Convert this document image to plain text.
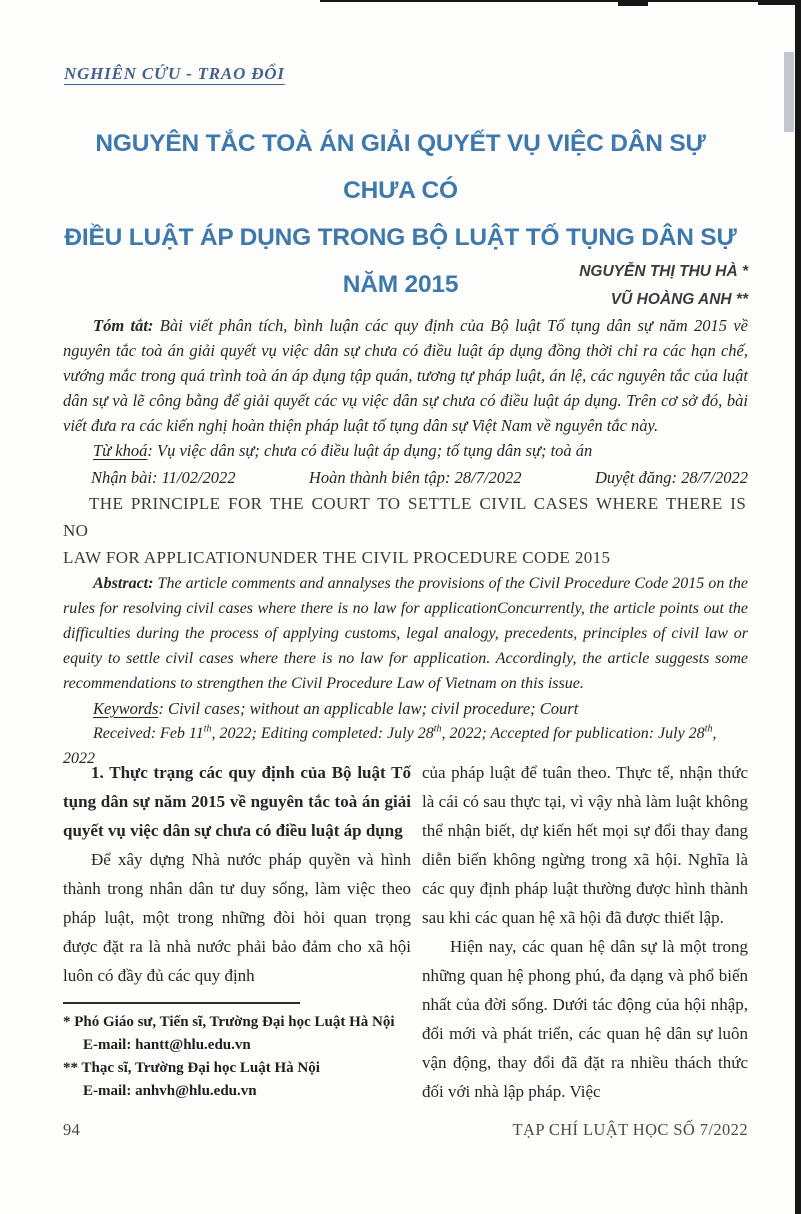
NGHIÊN CỨU - TRAO ĐỔI
NGUYÊN TẮC TOÀ ÁN GIẢI QUYẾT VỤ VIỆC DÂN SỰ CHƯA CÓ
ĐIỀU LUẬT ÁP DỤNG TRONG BỘ LUẬT TỐ TỤNG DÂN SỰ NĂM 2015	NGUYỄN THỊ THU HÀ *
VŨ HOÀNG ANH **

Tóm tắt: Bài viết phân tích, bình luận các quy định của Bộ luật Tố tụng dân sự năm 2015 về nguyên tắc toà án giải quyết vụ việc dân sự chưa có điều luật áp dụng đồng thời chỉ ra các hạn chế, vướng mắc trong quá trình toà án áp dụng tập quán, tương tự pháp luật, án lệ, các nguyên tắc của luật dân sự và lẽ công bằng để giải quyết các vụ việc dân sự chưa có điều luật áp dụng. Trên cơ sở đó, bài viết đưa ra các kiến nghị hoàn thiện pháp luật tố tụng dân sự Việt Nam về nguyên tắc này.

Từ khoá: Vụ việc dân sự; chưa có điều luật áp dụng; tố tụng dân sự; toà án

Nhận bài: 11/02/2022	Hoàn thành biên tập: 28/7/2022	Duyệt đăng: 28/7/2022

THE PRINCIPLE FOR THE COURT TO SETTLE CIVIL CASES WHERE THERE IS NO
LAW FOR APPLICATIONUNDER THE CIVIL PROCEDURE CODE 2015

Abstract: The article comments and annalyses the provisions of the Civil Procedure Code 2015 on the rules for resolving civil cases where there is no law for applicationConcurrently, the article points out the difficulties during the process of applying customs, legal analogy, precedents, principles of civil law or equity to settle civil cases where there is no law for application. Accordingly, the article suggests some recommendations to strengthen the Civil Procedure Law of Vietnam on this issue.

Keywords: Civil cases; without an applicable law; civil procedure; Court

Received: Feb 11th, 2022; Editing completed: July 28th, 2022; Accepted for publication: July 28th, 2022

1. Thực trạng các quy định của Bộ luật Tố tụng dân sự năm 2015 về nguyên tắc toà án giải quyết vụ việc dân sự chưa có điều luật áp dụng

Để xây dựng Nhà nước pháp quyền và hình thành trong nhân dân tư duy sống, làm việc theo pháp luật, một trong những đòi hỏi quan trọng được đặt ra là nhà nước phải bảo đảm cho xã hội luôn có đầy đủ các quy định

của pháp luật để tuân theo. Thực tế, nhận thức là cái có sau thực tại, vì vậy nhà làm luật không thể nhận biết, dự kiến hết mọi sự đổi thay đang diễn biến không ngừng trong xã hội. Nghĩa là các quy định pháp luật thường được hình thành sau khi các quan hệ xã hội đã được thiết lập.

Hiện nay, các quan hệ dân sự là một trong những quan hệ phong phú, đa dạng và phổ biến nhất của đời sống. Dưới tác động của hội nhập, đổi mới và phát triển, các quan hệ dân sự luôn vận động, thay đổi đã đặt ra nhiều thách thức đối với nhà lập pháp. Việc

* Phó Giáo sư, Tiến sĩ, Trường Đại học Luật Hà Nội
E-mail: hantt@hlu.edu.vn
** Thạc sĩ, Trường Đại học Luật Hà Nội
E-mail: anhvh@hlu.edu.vn
94	TẠP CHÍ LUẬT HỌC SỐ 7/2022
